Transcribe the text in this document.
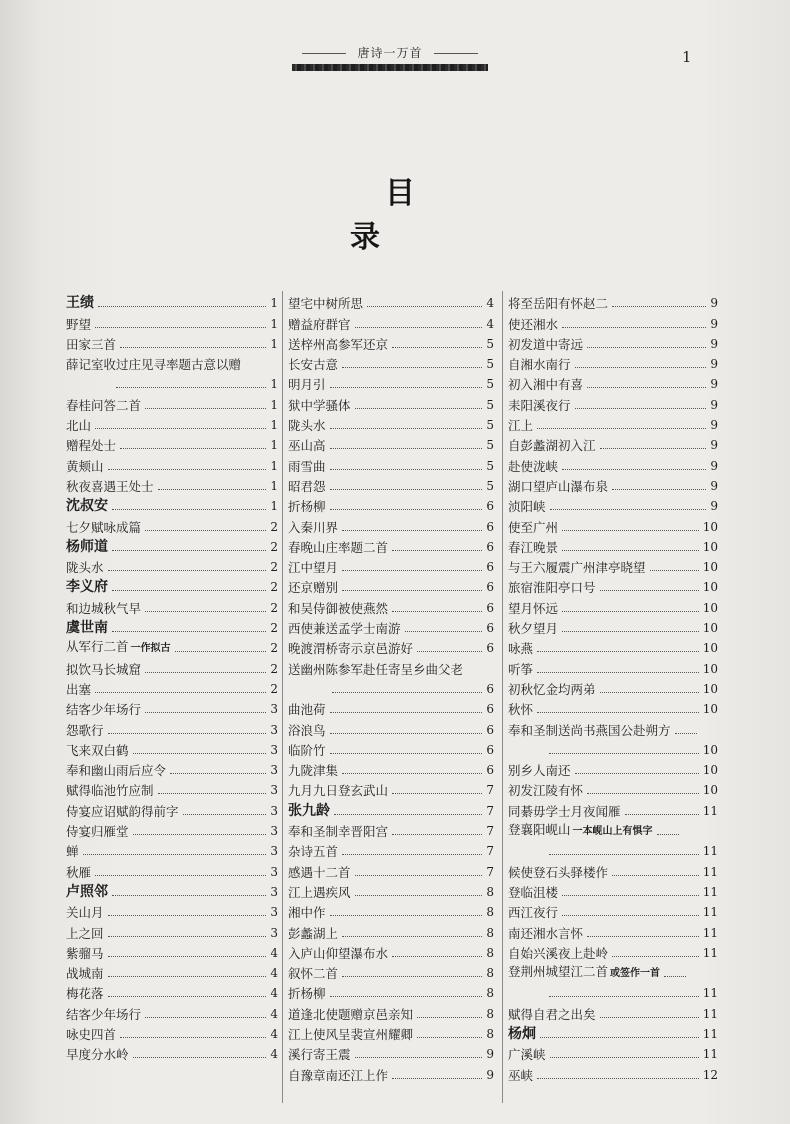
唐诗一万首	1
目 录
王绩	1
野望	1
田家三首	1
薛记室收过庄见寻率题古意以赠
1
春桂问答二首	1
北山	1
赠程处士	1
黄颊山	1
秋夜喜遇王处士	1
沈叔安	1
七夕赋咏成篇	2
杨师道	2
陇头水	2
李义府	2
和边城秋气早	2
虞世南	2
从军行二首 一作拟古	2
拟饮马长城窟	2
出塞	2
结客少年场行	3
怨歌行	3
飞来双白鹤	3
奉和幽山雨后应令	3
赋得临池竹应制	3
侍宴应诏赋韵得前字	3
侍宴归雁堂	3
蝉	3
秋雁	3
卢照邻	3
关山月	3
上之回	3
紫骝马	4
战城南	4
梅花落	4
结客少年场行	4
咏史四首	4
早度分水岭	4
望宅中树所思	4
赠益府群官	4
送梓州高参军还京	5
长安古意	5
明月引	5
狱中学骚体	5
陇头水	5
巫山高	5
雨雪曲	5
昭君怨	5
折杨柳	6
入秦川界	6
春晚山庄率题二首	6
江中望月	6
还京赠别	6
和吴侍御被使燕然	6
西使兼送孟学士南游	6
晚渡渭桥寄示京邑游好	6
送幽州陈参军赴任寄呈乡曲父老
6
曲池荷	6
浴浪鸟	6
临阶竹	6
九陇津集	6
九月九日登玄武山	7
张九龄	7
奉和圣制幸晋阳宫	7
杂诗五首	7
感遇十二首	7
江上遇疾风	8
湘中作	8
彭蠡湖上	8
入庐山仰望瀑布水	8
叙怀二首	8
折杨柳	8
道逢北使题赠京邑亲知	8
江上使风呈裴宣州耀卿	8
溪行寄王震	9
自豫章南还江上作	9
将至岳阳有怀赵二	9
使还湘水	9
初发道中寄远	9
自湘水南行	9
初入湘中有喜	9
耒阳溪夜行	9
江上	9
自彭蠡湖初入江	9
赴使泷峡	9
湖口望庐山瀑布泉	9
浈阳峡	9
使至广州	10
春江晚景	10
与王六履震广州津亭晓望	10
旅宿淮阳亭口号	10
望月怀远	10
秋夕望月	10
咏燕	10
听筝	10
初秋忆金均两弟	10
秋怀	10
奉和圣制送尚书燕国公赴朔方
10
别乡人南还	10
初发江陵有怀	10
同綦毋学士月夜闻雁	11
登襄阳岘山 一本岘山上有惧字
11
候使登石头驿楼作	11
登临沮楼	11
西江夜行	11
南还湘水言怀	11
自始兴溪夜上赴岭	11
登荆州城望江二首 或签作一首
11
赋得自君之出矣	11
杨炯	11
广溪峡	11
巫峡	12
